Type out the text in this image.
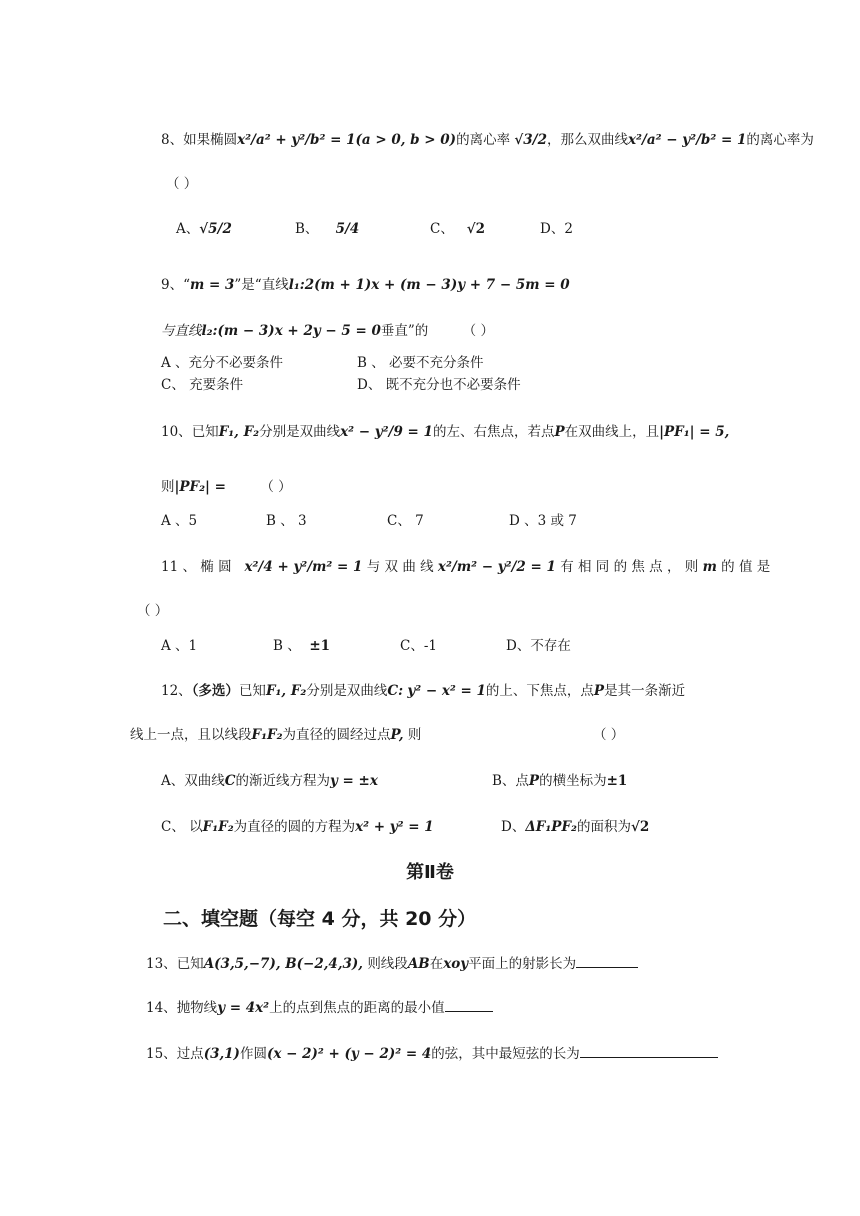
8、如果椭圆x²/a² + y²/b² = 1(a > 0, b > 0)的离心率 √3/2，那么双曲线x²/a² − y²/b² = 1的离心率为
（ ）
A、√5/2	B、 5/4	C、 √2	D、2
9、“m = 3”是“直线l₁:2(m + 1)x + (m − 3)y + 7 − 5m = 0
与直线l₂:(m − 3)x + 2y − 5 = 0垂直”的	（ ）
A 、充分不必要条件	B 、 必要不充分条件
C、 充要条件	D、 既不充分也不必要条件
10、已知F₁, F₂分别是双曲线x² − y²/9 = 1的左、右焦点，若点P在双曲线上，且|PF₁| = 5,
则|PF₂| =	（ ）
A 、5	B 、 3	C、 7	D 、3 或 7
11 、 椭 圆 x²/4 + y²/m² = 1 与 双 曲 线 x²/m² − y²/2 = 1 有 相 同 的 焦 点 ， 则 m 的 值 是
（ ）
A 、1	B 、 ±1	C、-1	D、不存在
12、（多选）已知F₁, F₂分别是双曲线C: y² − x² = 1的上、下焦点，点P是其一条渐近
线上一点，且以线段F₁F₂为直径的圆经过点P, 则	（ ）
A、双曲线C的渐近线方程为y = ±x	B、点P的横坐标为±1
C、 以F₁F₂为直径的圆的方程为x² + y² = 1	D、ΔF₁PF₂的面积为√2
第Ⅱ卷
二、填空题（每空 4 分，共 20 分）
13、已知A(3,5,−7), B(−2,4,3), 则线段AB在xoy平面上的射影长为
14、抛物线y = 4x²上的点到焦点的距离的最小值
15、过点(3,1)作圆(x − 2)² + (y − 2)² = 4的弦，其中最短弦的长为
